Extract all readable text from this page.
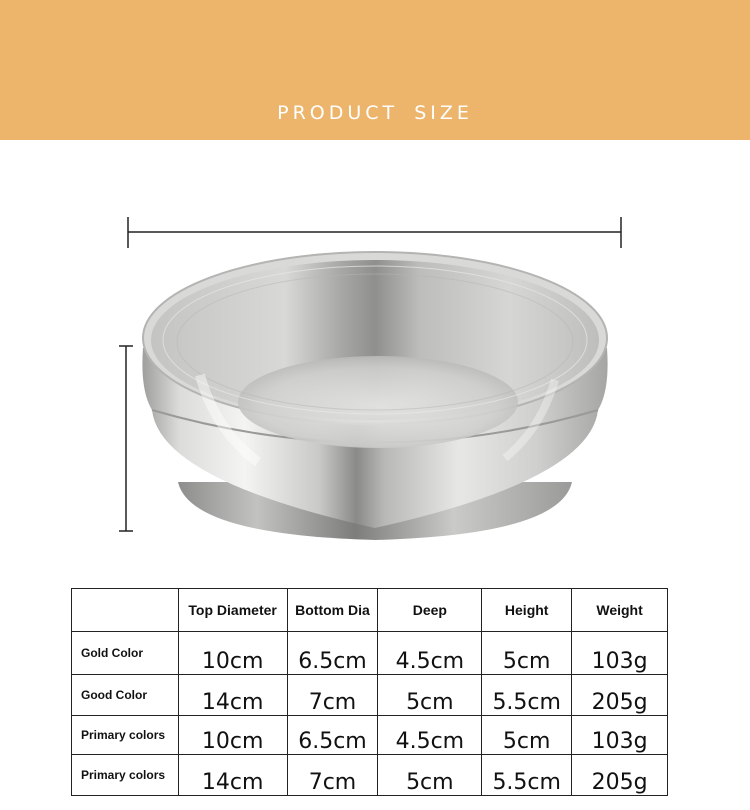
PRODUCT SIZE
	Top Diameter	Bottom Dia	Deep	Height	Weight
Gold Color	10cm	6.5cm	4.5cm	5cm	103g
Good Color	14cm	7cm	5cm	5.5cm	205g
Primary colors	10cm	6.5cm	4.5cm	5cm	103g
Primary colors	14cm	7cm	5cm	5.5cm	205g
